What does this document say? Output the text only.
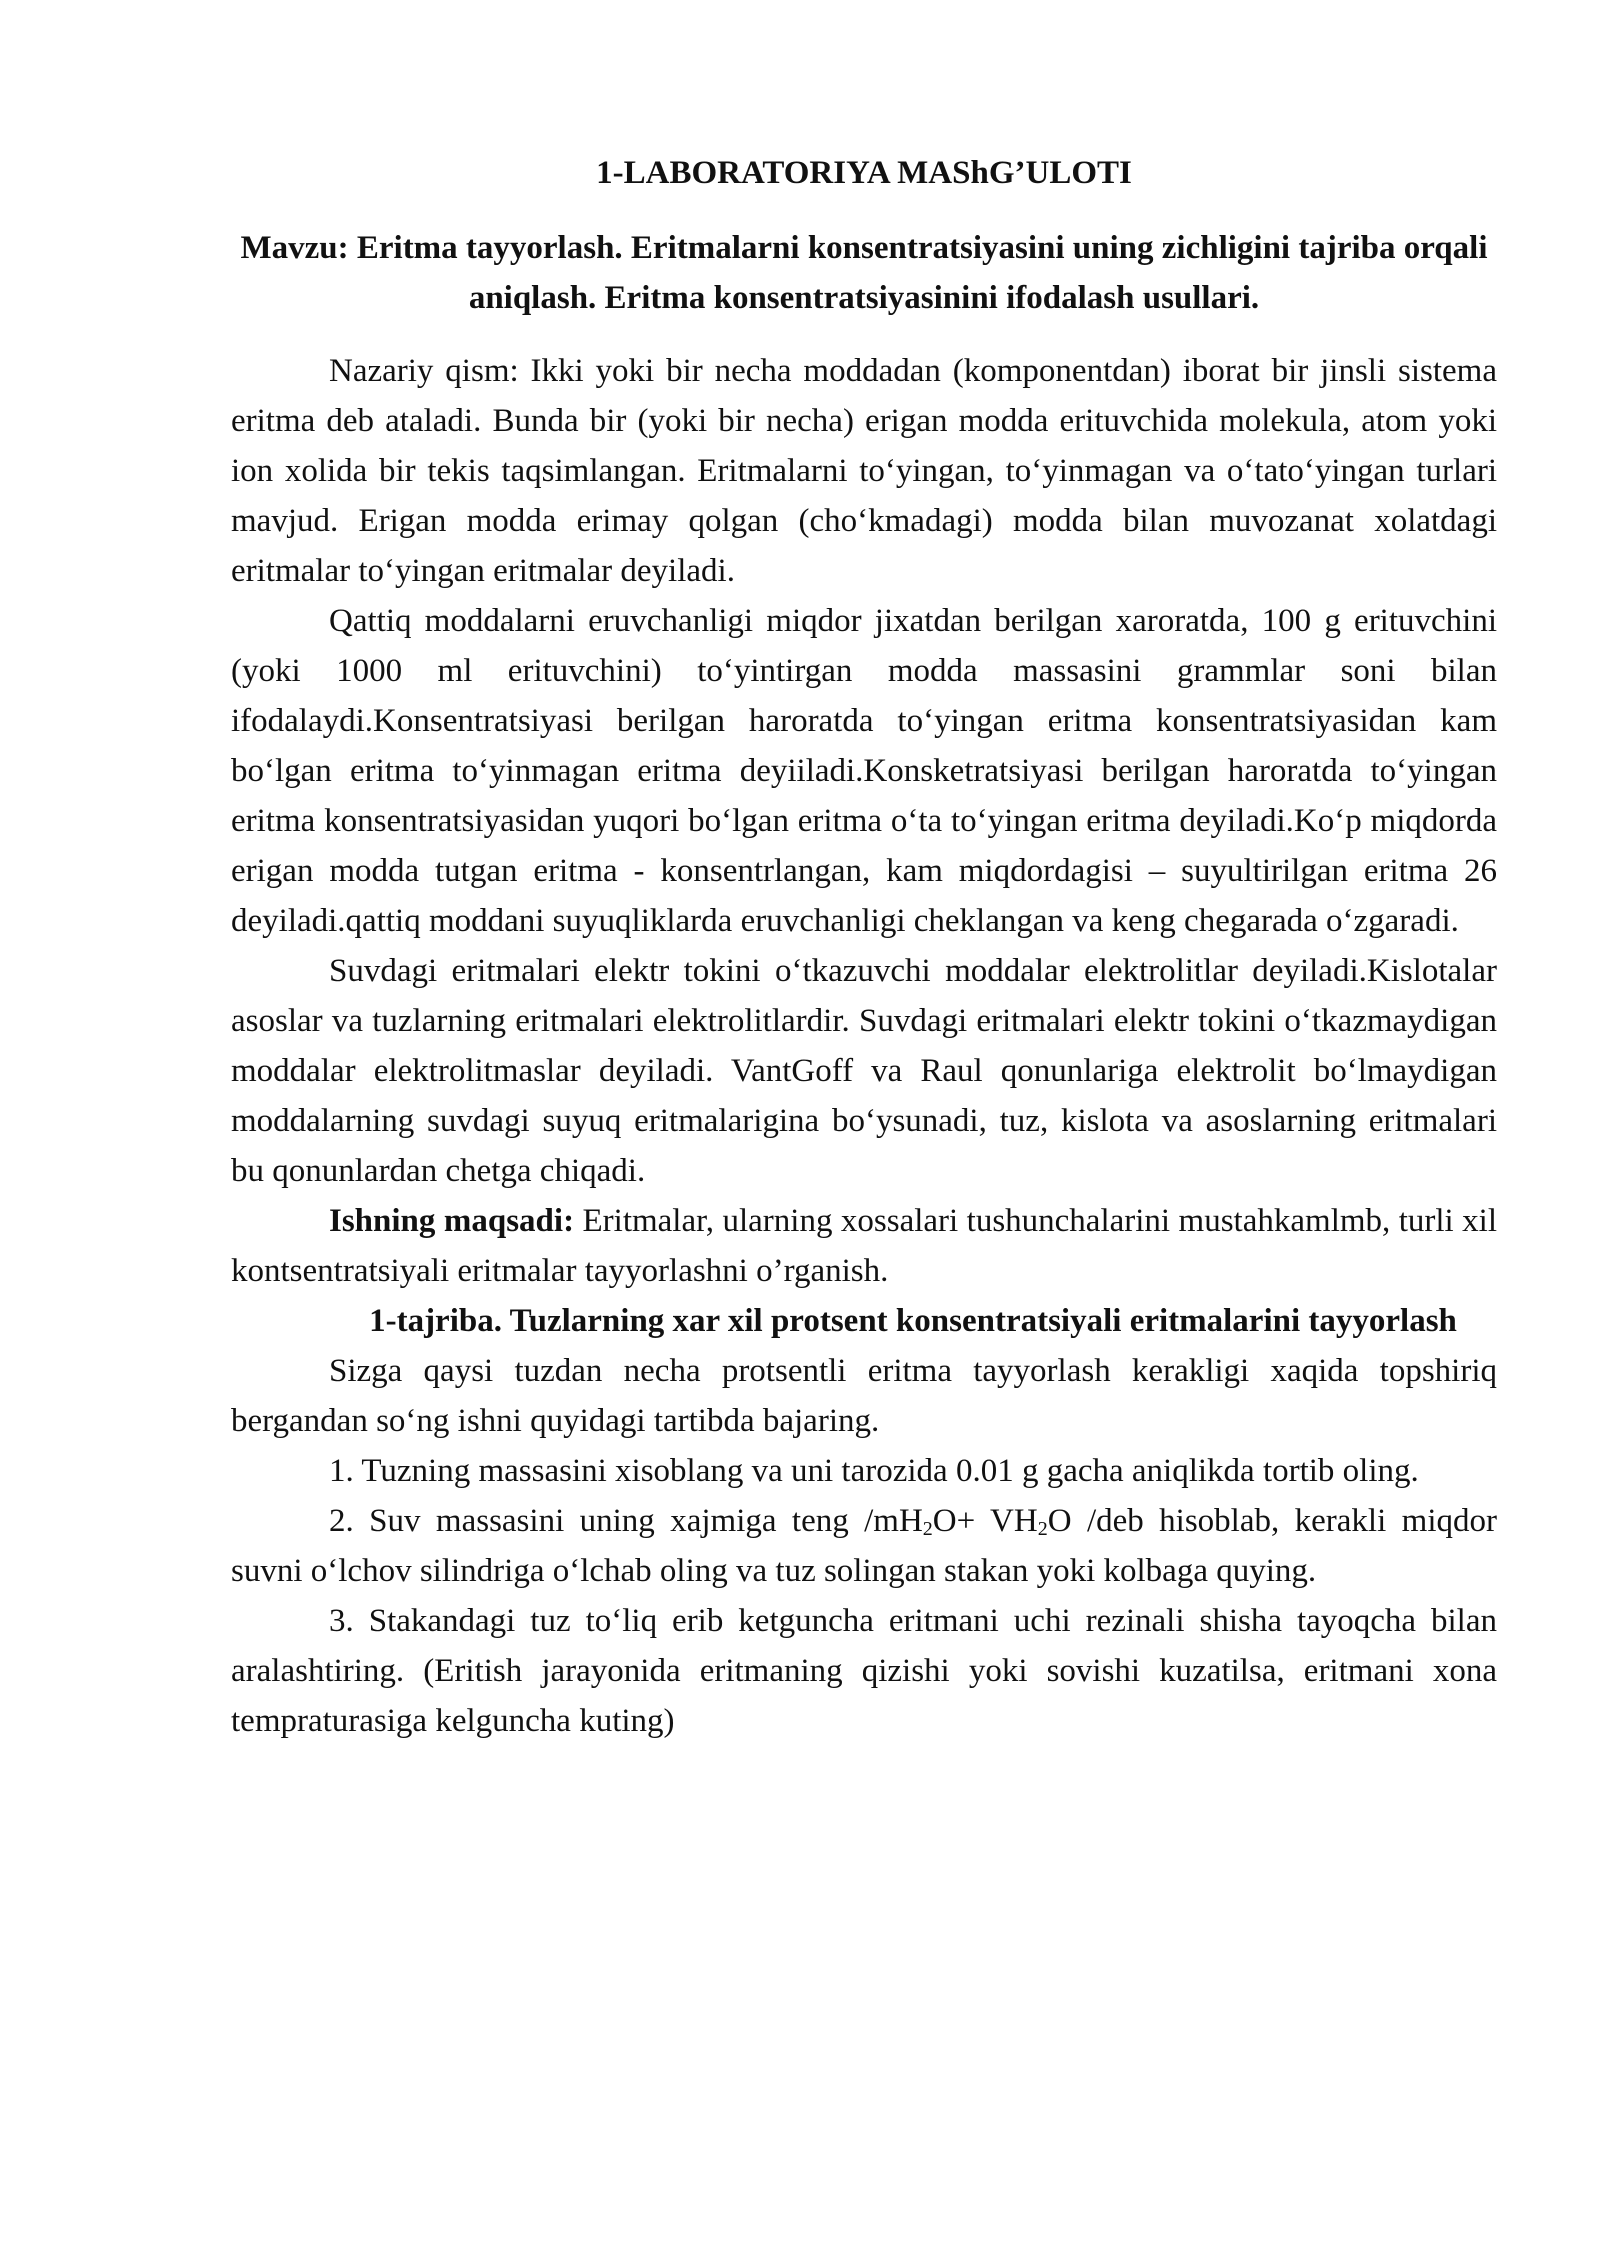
1-LABORATORIYA MAShG’ULOTI
Mavzu: Eritma tayyorlash. Eritmalarni konsentratsiyasini uning zichligini tajriba orqali aniqlash. Eritma konsentratsiyasinini ifodalash usullari.

Nazariy qism: Ikki yoki bir necha moddadan (komponentdan) iborat bir jinsli sistema eritma deb ataladi. Bunda bir (yoki bir necha) erigan modda erituvchida molekula, atom yoki ion xolida bir tekis taqsimlangan. Eritmalarni to‘yingan, to‘yinmagan va o‘tato‘yingan turlari mavjud. Erigan modda erimay qolgan (cho‘kmadagi) modda bilan muvozanat xolatdagi eritmalar to‘yingan eritmalar deyiladi.

Qattiq moddalarni eruvchanligi miqdor jixatdan berilgan xaroratda, 100 g erituvchini (yoki 1000 ml erituvchini) to‘yintirgan modda massasini grammlar soni bilan ifodalaydi.Konsentratsiyasi berilgan haroratda to‘yingan eritma konsentratsiyasidan kam bo‘lgan eritma to‘yinmagan eritma deyiiladi.Konsketratsiyasi berilgan haroratda to‘yingan eritma konsentratsiyasidan yuqori bo‘lgan eritma o‘ta to‘yingan eritma deyiladi.Ko‘p miqdorda erigan modda tutgan eritma - konsentrlangan, kam miqdordagisi – suyultirilgan eritma 26 deyiladi.qattiq moddani suyuqliklarda eruvchanligi cheklangan va keng chegarada o‘zgaradi.

Suvdagi eritmalari elektr tokini o‘tkazuvchi moddalar elektrolitlar deyiladi.Kislotalar asoslar va tuzlarning eritmalari elektrolitlardir. Suvdagi eritmalari elektr tokini o‘tkazmaydigan moddalar elektrolitmaslar deyiladi. VantGoff va Raul qonunlariga elektrolit bo‘lmaydigan moddalarning suvdagi suyuq eritmalarigina bo‘ysunadi, tuz, kislota va asoslarning eritmalari bu qonunlardan chetga chiqadi.

Ishning maqsadi: Eritmalar, ularning xossalari tushunchalarini mustahkamlmb, turli xil kontsentratsiyali eritmalar tayyorlashni o’rganish.

1-tajriba. Tuzlarning xar xil protsent konsentratsiyali eritmalarini tayyorlash

Sizga qaysi tuzdan necha protsentli eritma tayyorlash kerakligi xaqida topshiriq bergandan so‘ng ishni quyidagi tartibda bajaring.

1. Tuzning massasini xisoblang va uni tarozida 0.01 g gacha aniqlikda tortib oling.

2. Suv massasini uning xajmiga teng $/mH_2O+ VH_2O$ /deb hisoblab, kerakli miqdor suvni o‘lchov silindriga o‘lchab oling va tuz solingan stakan yoki kolbaga quying.

3. Stakandagi tuz to‘liq erib ketguncha eritmani uchi rezinali shisha tayoqcha bilan aralashtiring. (Eritish jarayonida eritmaning qizishi yoki sovishi kuzatilsa, eritmani xona tempraturasiga kelguncha kuting)
